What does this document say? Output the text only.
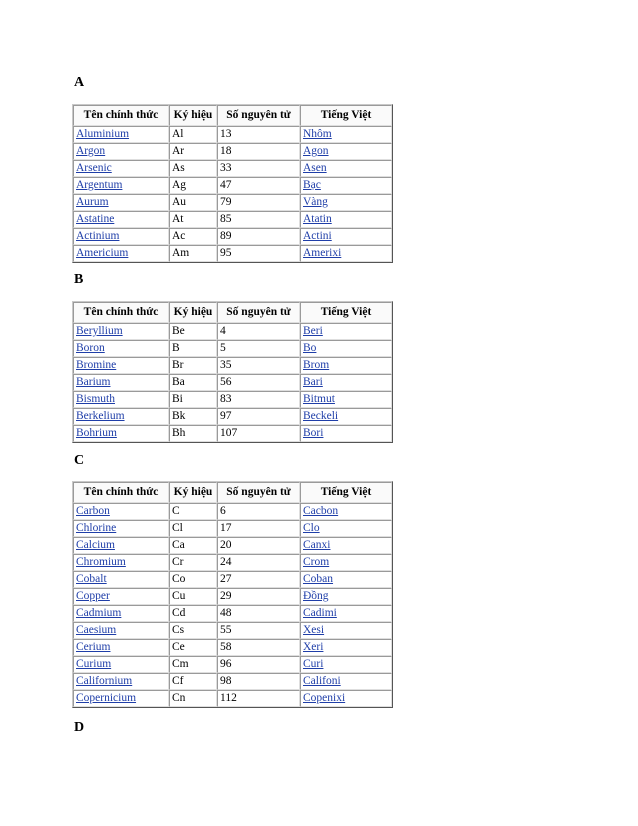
A
Tên chính thức	Ký hiệu	Số nguyên tử	Tiếng Việt
Aluminium	Al	13	Nhôm
Argon	Ar	18	Agon
Arsenic	As	33	Asen
Argentum	Ag	47	Bạc
Aurum	Au	79	Vàng
Astatine	At	85	Atatin
Actinium	Ac	89	Actini
Americium	Am	95	Amerixi
B
Tên chính thức	Ký hiệu	Số nguyên tử	Tiếng Việt
Beryllium	Be	4	Beri
Boron	B	5	Bo
Bromine	Br	35	Brom
Barium	Ba	56	Bari
Bismuth	Bi	83	Bitmut
Berkelium	Bk	97	Beckeli
Bohrium	Bh	107	Bori
C
Tên chính thức	Ký hiệu	Số nguyên tử	Tiếng Việt
Carbon	C	6	Cacbon
Chlorine	Cl	17	Clo
Calcium	Ca	20	Canxi
Chromium	Cr	24	Crom
Cobalt	Co	27	Coban
Copper	Cu	29	Đồng
Cadmium	Cd	48	Cadimi
Caesium	Cs	55	Xesi
Cerium	Ce	58	Xeri
Curium	Cm	96	Curi
Californium	Cf	98	Califoni
Copernicium	Cn	112	Copenixi
D
